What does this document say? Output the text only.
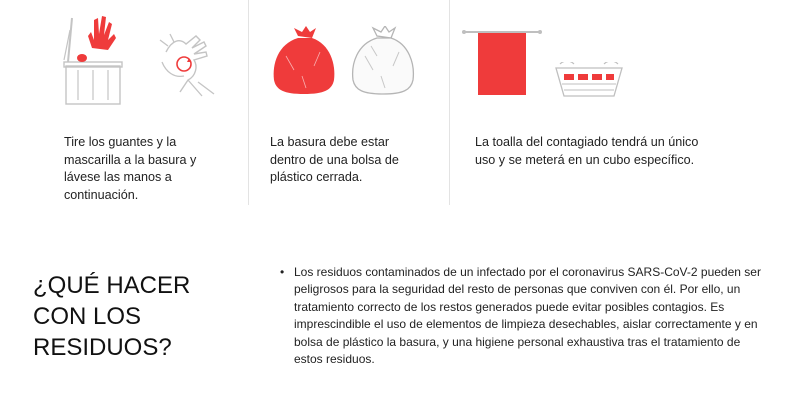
Tire los guantes y la mascarilla a la basura y lávese las manos a continuación.

La basura debe estar dentro de una bolsa de plástico cerrada.

La toalla del contagiado tendrá un único uso y se meterá en un cubo específico.

¿QUÉ HACER CON LOS RESIDUOS?
• Los residuos contaminados de un infectado por el coronavirus SARS-CoV-2 pueden ser peligrosos para la seguridad del resto de personas que conviven con él. Por ello, un tratamiento correcto de los restos generados puede evitar posibles contagios. Es imprescindible el uso de elementos de limpieza desechables, aislar correctamente y en bolsa de plástico la basura, y una higiene personal exhaustiva tras el tratamiento de estos residuos.
